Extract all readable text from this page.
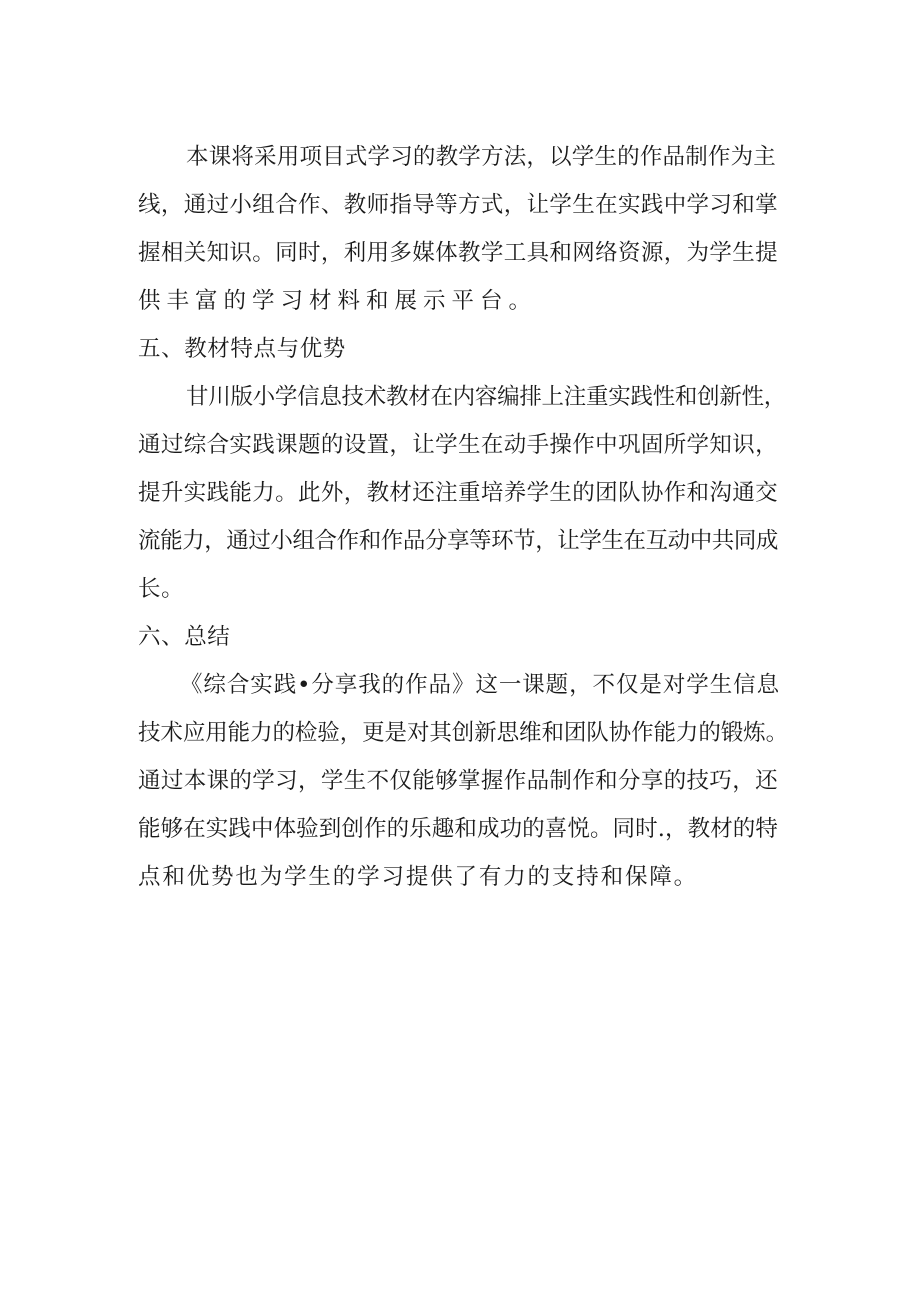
本课将采用项目式学习的教学方法，以学生的作品制作为主
线，通过小组合作、教师指导等方式，让学生在实践中学习和掌
握相关知识。同时，利用多媒体教学工具和网络资源，为学生提
供丰富的学习材料和展示平台。
五、教材特点与优势
甘川版小学信息技术教材在内容编排上注重实践性和创新性，
通过综合实践课题的设置，让学生在动手操作中巩固所学知识，
提升实践能力。此外，教材还注重培养学生的团队协作和沟通交
流能力，通过小组合作和作品分享等环节，让学生在互动中共同成
长。
六、总结
《综合实践•分享我的作品》这一课题，不仅是对学生信息
技术应用能力的检验，更是对其创新思维和团队协作能力的锻炼。
通过本课的学习，学生不仅能够掌握作品制作和分享的技巧，还
能够在实践中体验到创作的乐趣和成功的喜悦。同时.，教材的特
点和优势也为学生的学习提供了有力的支持和保障。
